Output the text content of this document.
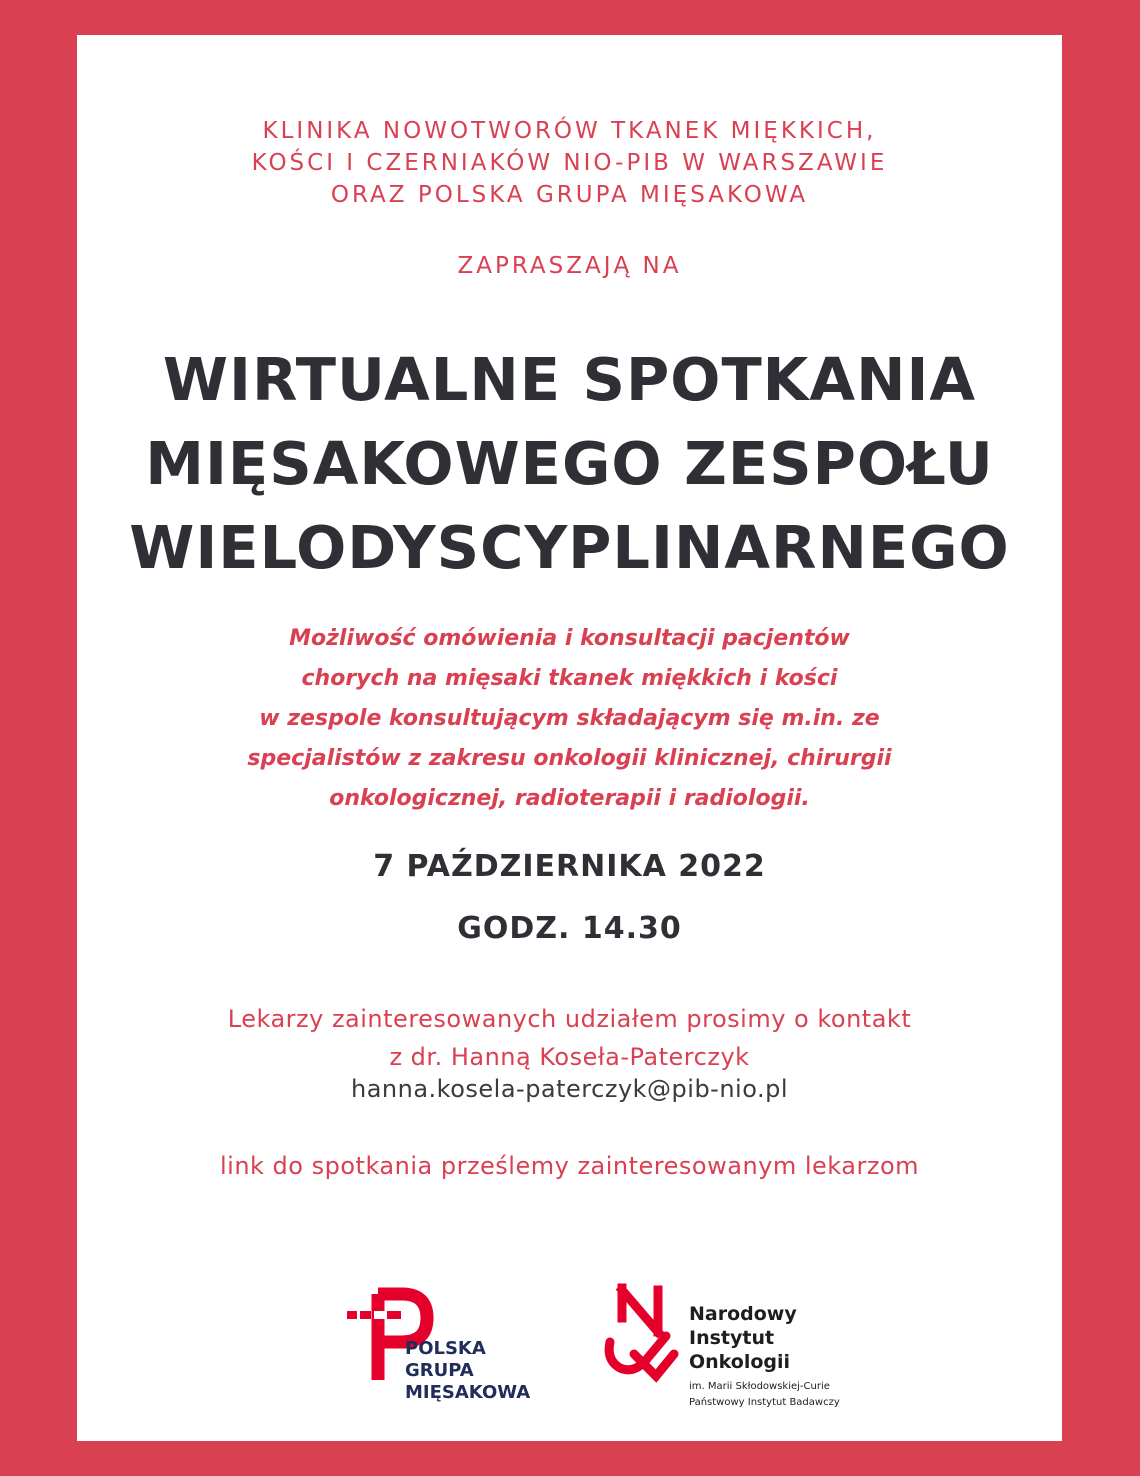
KLINIKA NOWOTWORÓW TKANEK MIĘKKICH,
KOŚCI I CZERNIAKÓW NIO-PIB W WARSZAWIE
ORAZ POLSKA GRUPA MIĘSAKOWA
ZAPRASZAJĄ NA
WIRTUALNE SPOTKANIA
MIĘSAKOWEGO ZESPOŁU
WIELODYSCYPLINARNEGO
Możliwość omówienia i konsultacji pacjentów
chorych na mięsaki tkanek miękkich i kości
w zespole konsultującym składającym się m.in. ze
specjalistów z zakresu onkologii klinicznej, chirurgii
onkologicznej, radioterapii i radiologii.
7 PAŹDZIERNIKA 2022
GODZ. 14.30
Lekarzy zainteresowanych udziałem prosimy o kontakt
z dr. Hanną Koseła-Paterczyk
hanna.kosela-paterczyk@pib-nio.pl
link do spotkania prześlemy zainteresowanym lekarzom
POLSKA
GRUPA
MIĘSAKOWA
Narodowy
Instytut
Onkologii
im. Marii Skłodowskiej-Curie
Państwowy Instytut Badawczy
